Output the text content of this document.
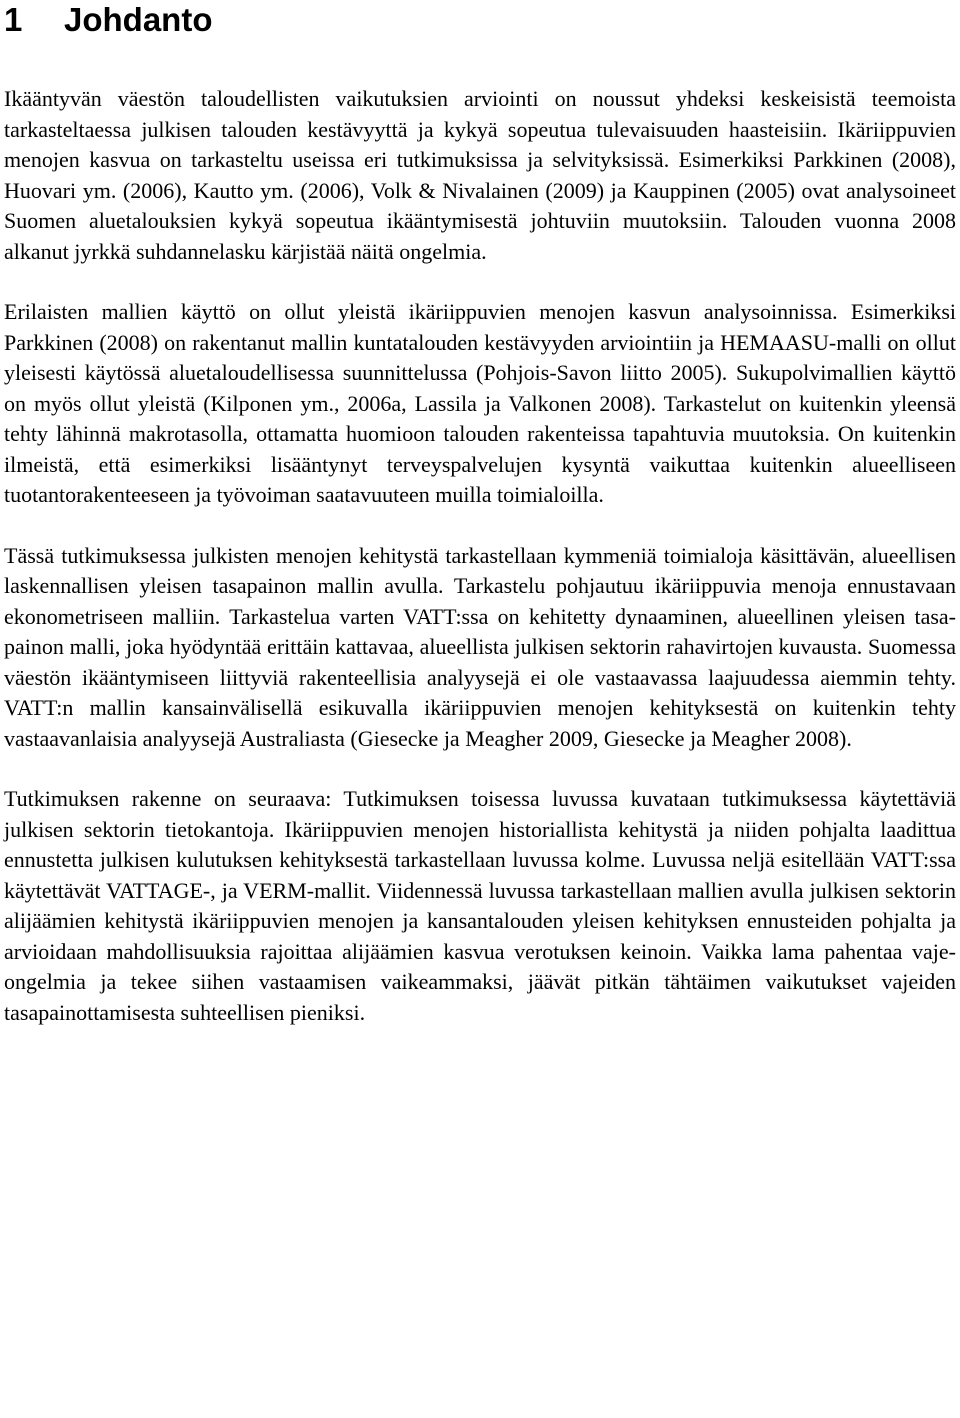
1 Johdanto

Ikääntyvän väestön taloudellisten vaikutuksien arviointi on noussut yhdeksi keskeisistä teemoista tarkasteltaessa julkisen talouden kestävyyttä ja kykyä sopeutua tulevaisuuden haasteisiin. Ikäriippuvien menojen kasvua on tarkasteltu useissa eri tutkimuksissa ja selvityksissä. Esimerkiksi Parkkinen (2008), Huovari ym. (2006), Kautto ym. (2006), Volk & Nivalainen (2009) ja Kauppinen (2005) ovat analysoineet Suomen aluetalouksien kykyä sopeutua ikääntymisestä johtuviin muutoksiin. Talouden vuonna 2008 alkanut jyrkkä suhdannelasku kärjistää näitä ongelmia.

Erilaisten mallien käyttö on ollut yleistä ikäriippuvien menojen kasvun analysoinnissa. Esimerkiksi Parkkinen (2008) on rakentanut mallin kuntatalouden kestävyyden arviointiin ja HEMAASU-malli on ollut yleisesti käytössä aluetaloudellisessa suunnittelussa (Pohjois-Savon liitto 2005). Sukupolvimallien käyttö on myös ollut yleistä (Kilponen ym., 2006a, Lassila ja Valkonen 2008). Tarkastelut on kuitenkin yleensä tehty lähinnä makrotasolla, ottamatta huomioon talouden rakenteissa tapahtuvia muutoksia. On kuitenkin ilmeistä, että esimerkiksi lisääntynyt terveyspalvelujen kysyntä vaikuttaa kuitenkin alueelliseen tuotantorakenteeseen ja työvoiman saatavuuteen muilla toimialoilla.

Tässä tutkimuksessa julkisten menojen kehitystä tarkastellaan kymmeniä toimialoja käsittävän, alueellisen laskennallisen yleisen tasapainon mallin avulla. Tarkastelu pohjautuu ikäriippuvia menoja ennustavaan ekonometriseen malliin. Tarkastelua varten VATT:ssa on kehitetty dynaaminen, alueellinen yleisen tasapainon malli, joka hyödyntää erittäin kattavaa, alueellista julkisen sektorin rahavirtojen kuvausta. Suomessa väestön ikääntymiseen liittyviä rakenteellisia analyysejä ei ole vastaavassa laajuudessa aiemmin tehty. VATT:n mallin kansainvälisellä esikuvalla ikäriippuvien menojen kehityksestä on kuitenkin tehty vastaavanlaisia analyysejä Australiasta (Giesecke ja Meagher 2009, Giesecke ja Meagher 2008).

Tutkimuksen rakenne on seuraava: Tutkimuksen toisessa luvussa kuvataan tutkimuksessa käytettäviä julkisen sektorin tietokantoja. Ikäriippuvien menojen historiallista kehitystä ja niiden pohjalta laadittua ennustetta julkisen kulutuksen kehityksestä tarkastellaan luvussa kolme. Luvussa neljä esitellään VATT:ssa käytettävät VATTAGE-, ja VERM-mallit. Viidennessä luvussa tarkastellaan mallien avulla julkisen sektorin alijäämien kehitystä ikäriippuvien menojen ja kansantalouden yleisen kehityksen ennusteiden pohjalta ja arvioidaan mahdollisuuksia rajoittaa alijäämien kasvua verotuksen keinoin. Vaikka lama pahentaa vaje-ongelmia ja tekee siihen vastaamisen vaikeammaksi, jäävät pitkän tähtäimen vaikutukset vajeiden tasapainottamisesta suhteellisen pieniksi.
